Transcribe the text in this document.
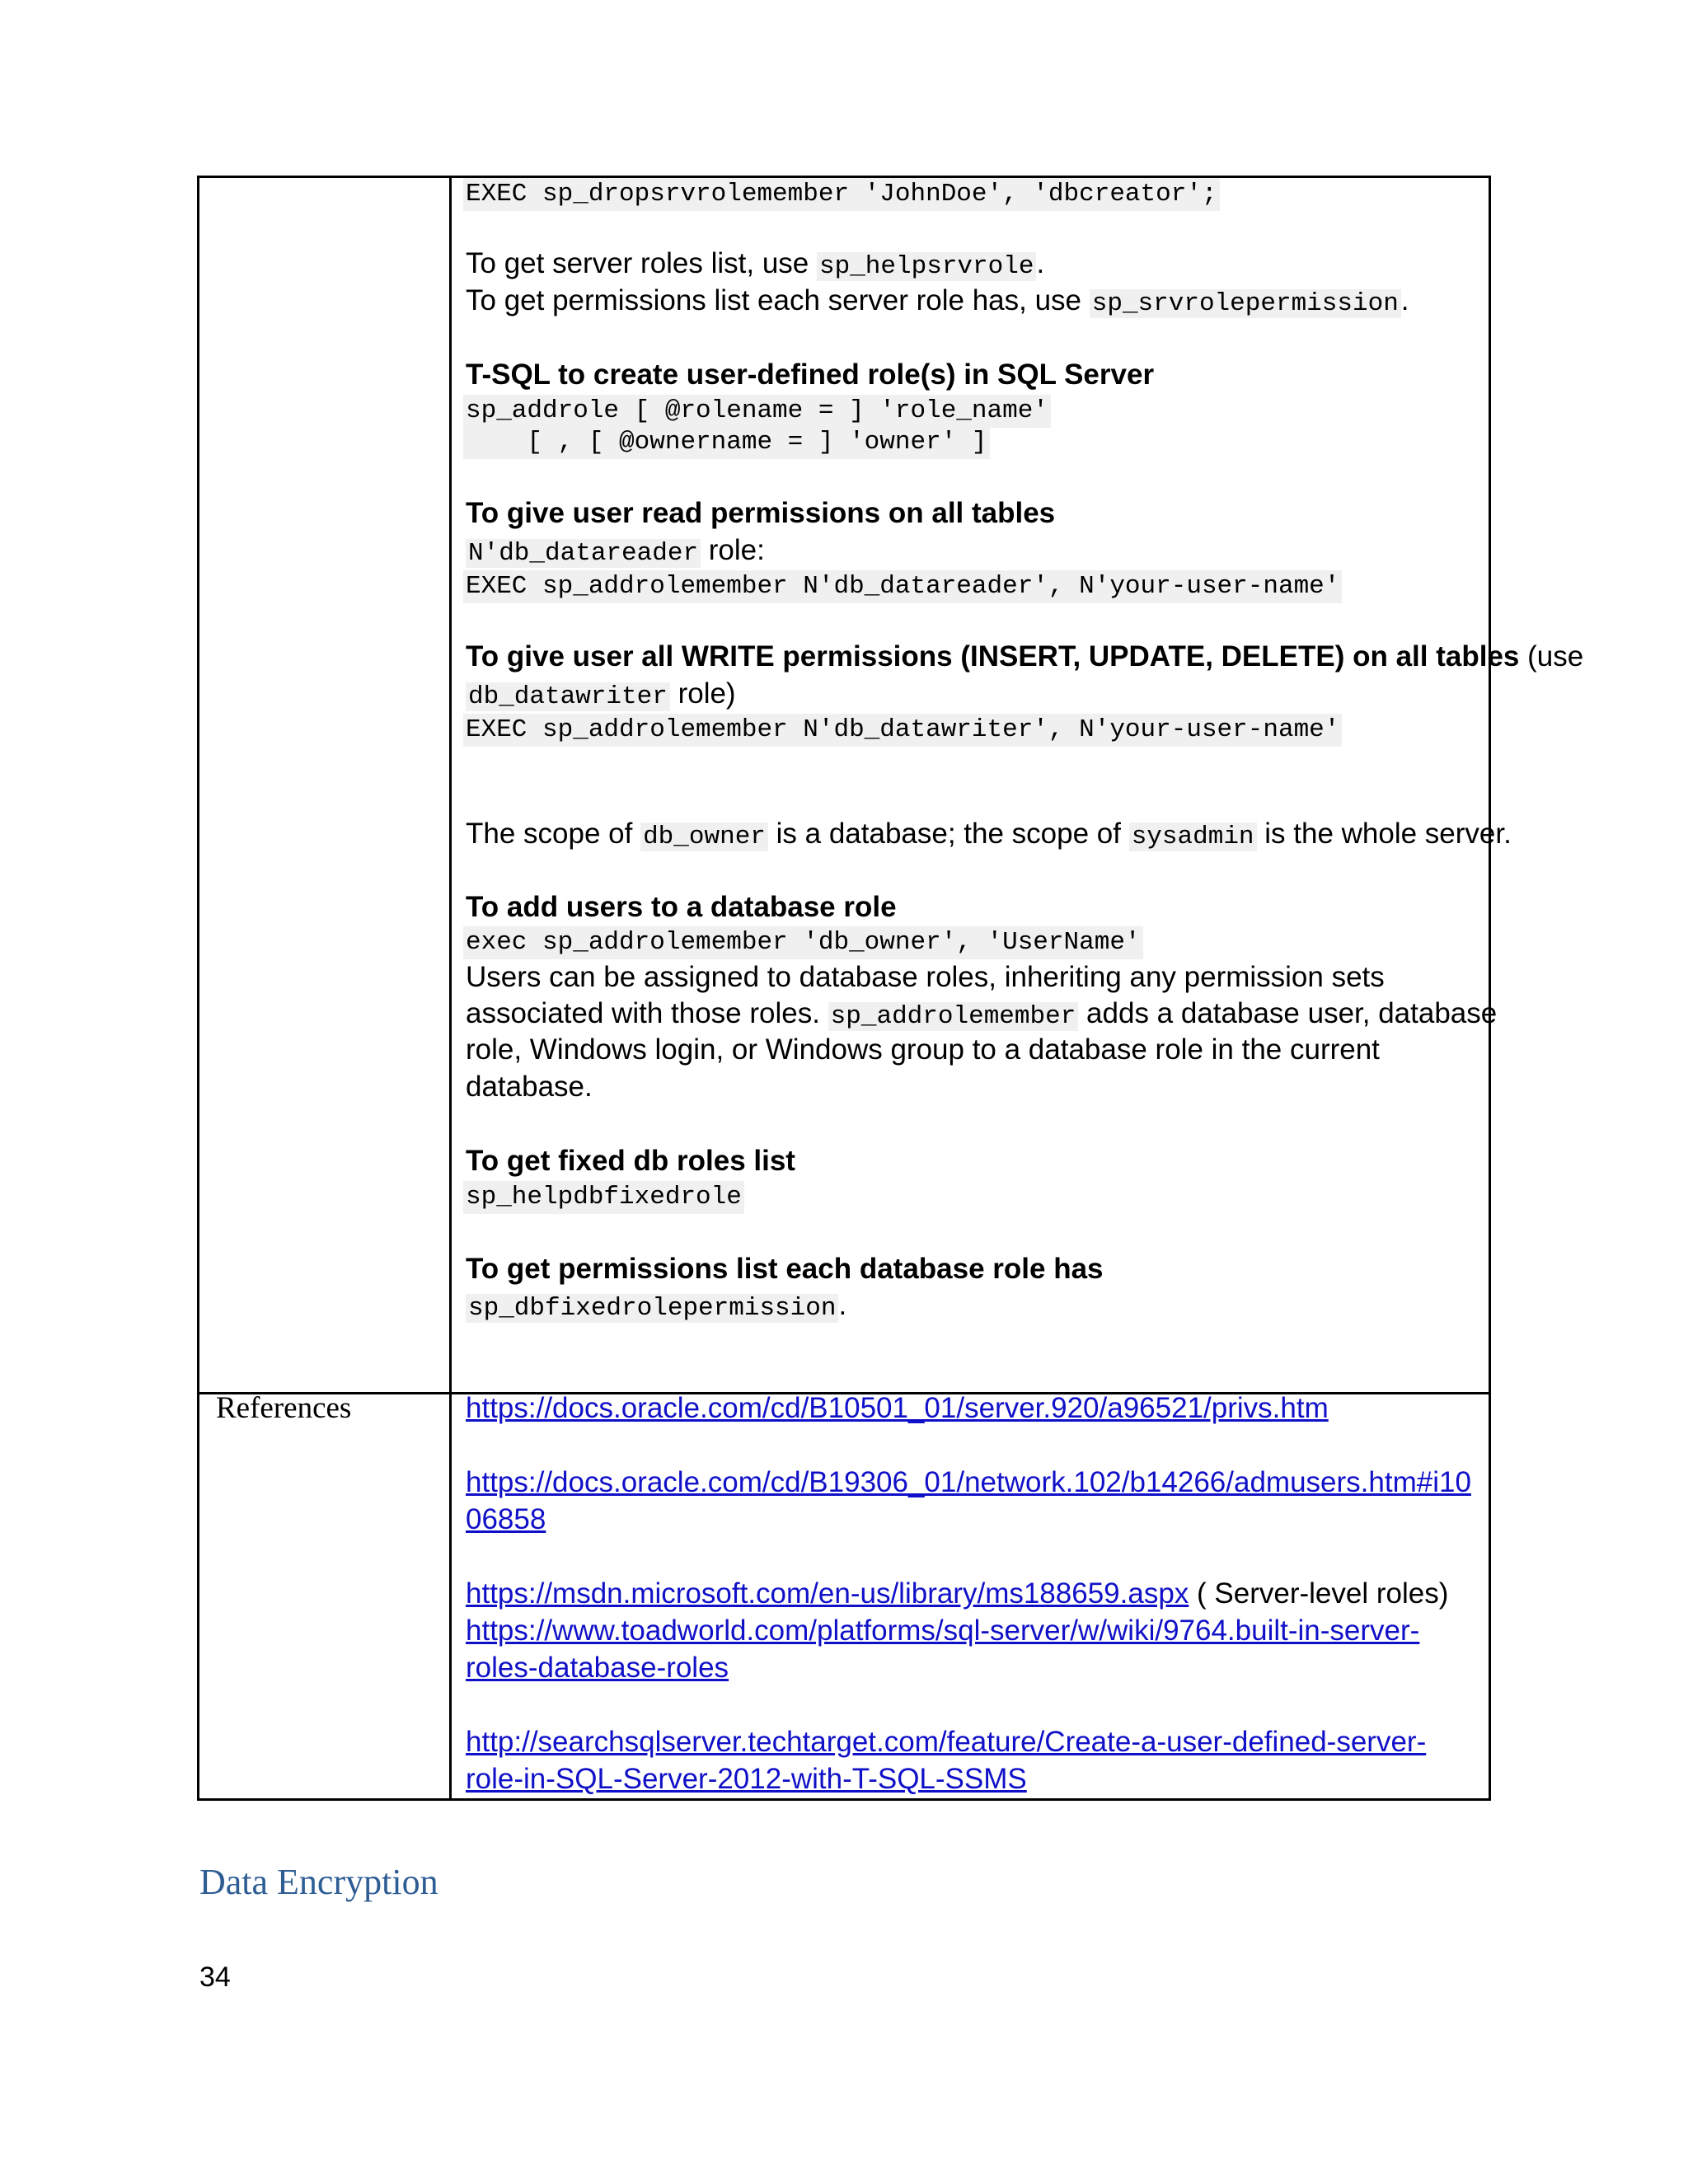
EXEC sp_dropsrvrolemember 'JohnDoe', 'dbcreator';
To get server roles list, use sp_helpsrvrole.
To get permissions list each server role has, use sp_srvrolepermission.
T-SQL to create user-defined role(s) in SQL Server
sp_addrole [ @rolename = ] 'role_name'
[ , [ @ownername = ] 'owner' ]
To give user read permissions on all tables
N'db_datareader role:
EXEC sp_addrolemember N'db_datareader', N'your-user-name'
To give user all WRITE permissions (INSERT, UPDATE, DELETE) on all tables (use
db_datawriter role)
EXEC sp_addrolemember N'db_datawriter', N'your-user-name'
The scope of db_owner is a database; the scope of sysadmin is the whole server.
To add users to a database role
exec sp_addrolemember 'db_owner', 'UserName'
Users can be assigned to database roles, inheriting any permission sets
associated with those roles. sp_addrolemember adds a database user, database
role, Windows login, or Windows group to a database role in the current
database.
To get fixed db roles list
sp_helpdbfixedrole
To get permissions list each database role has
sp_dbfixedrolepermission.
References	https://docs.oracle.com/cd/B10501_01/server.920/a96521/privs.htm
https://docs.oracle.com/cd/B19306_01/network.102/b14266/admusers.htm#i10
06858
https://msdn.microsoft.com/en-us/library/ms188659.aspx ( Server-level roles)
https://www.toadworld.com/platforms/sql-server/w/wiki/9764.built-in-server-
roles-database-roles
http://searchsqlserver.techtarget.com/feature/Create-a-user-defined-server-
role-in-SQL-Server-2012-with-T-SQL-SSMS
Data Encryption
34
